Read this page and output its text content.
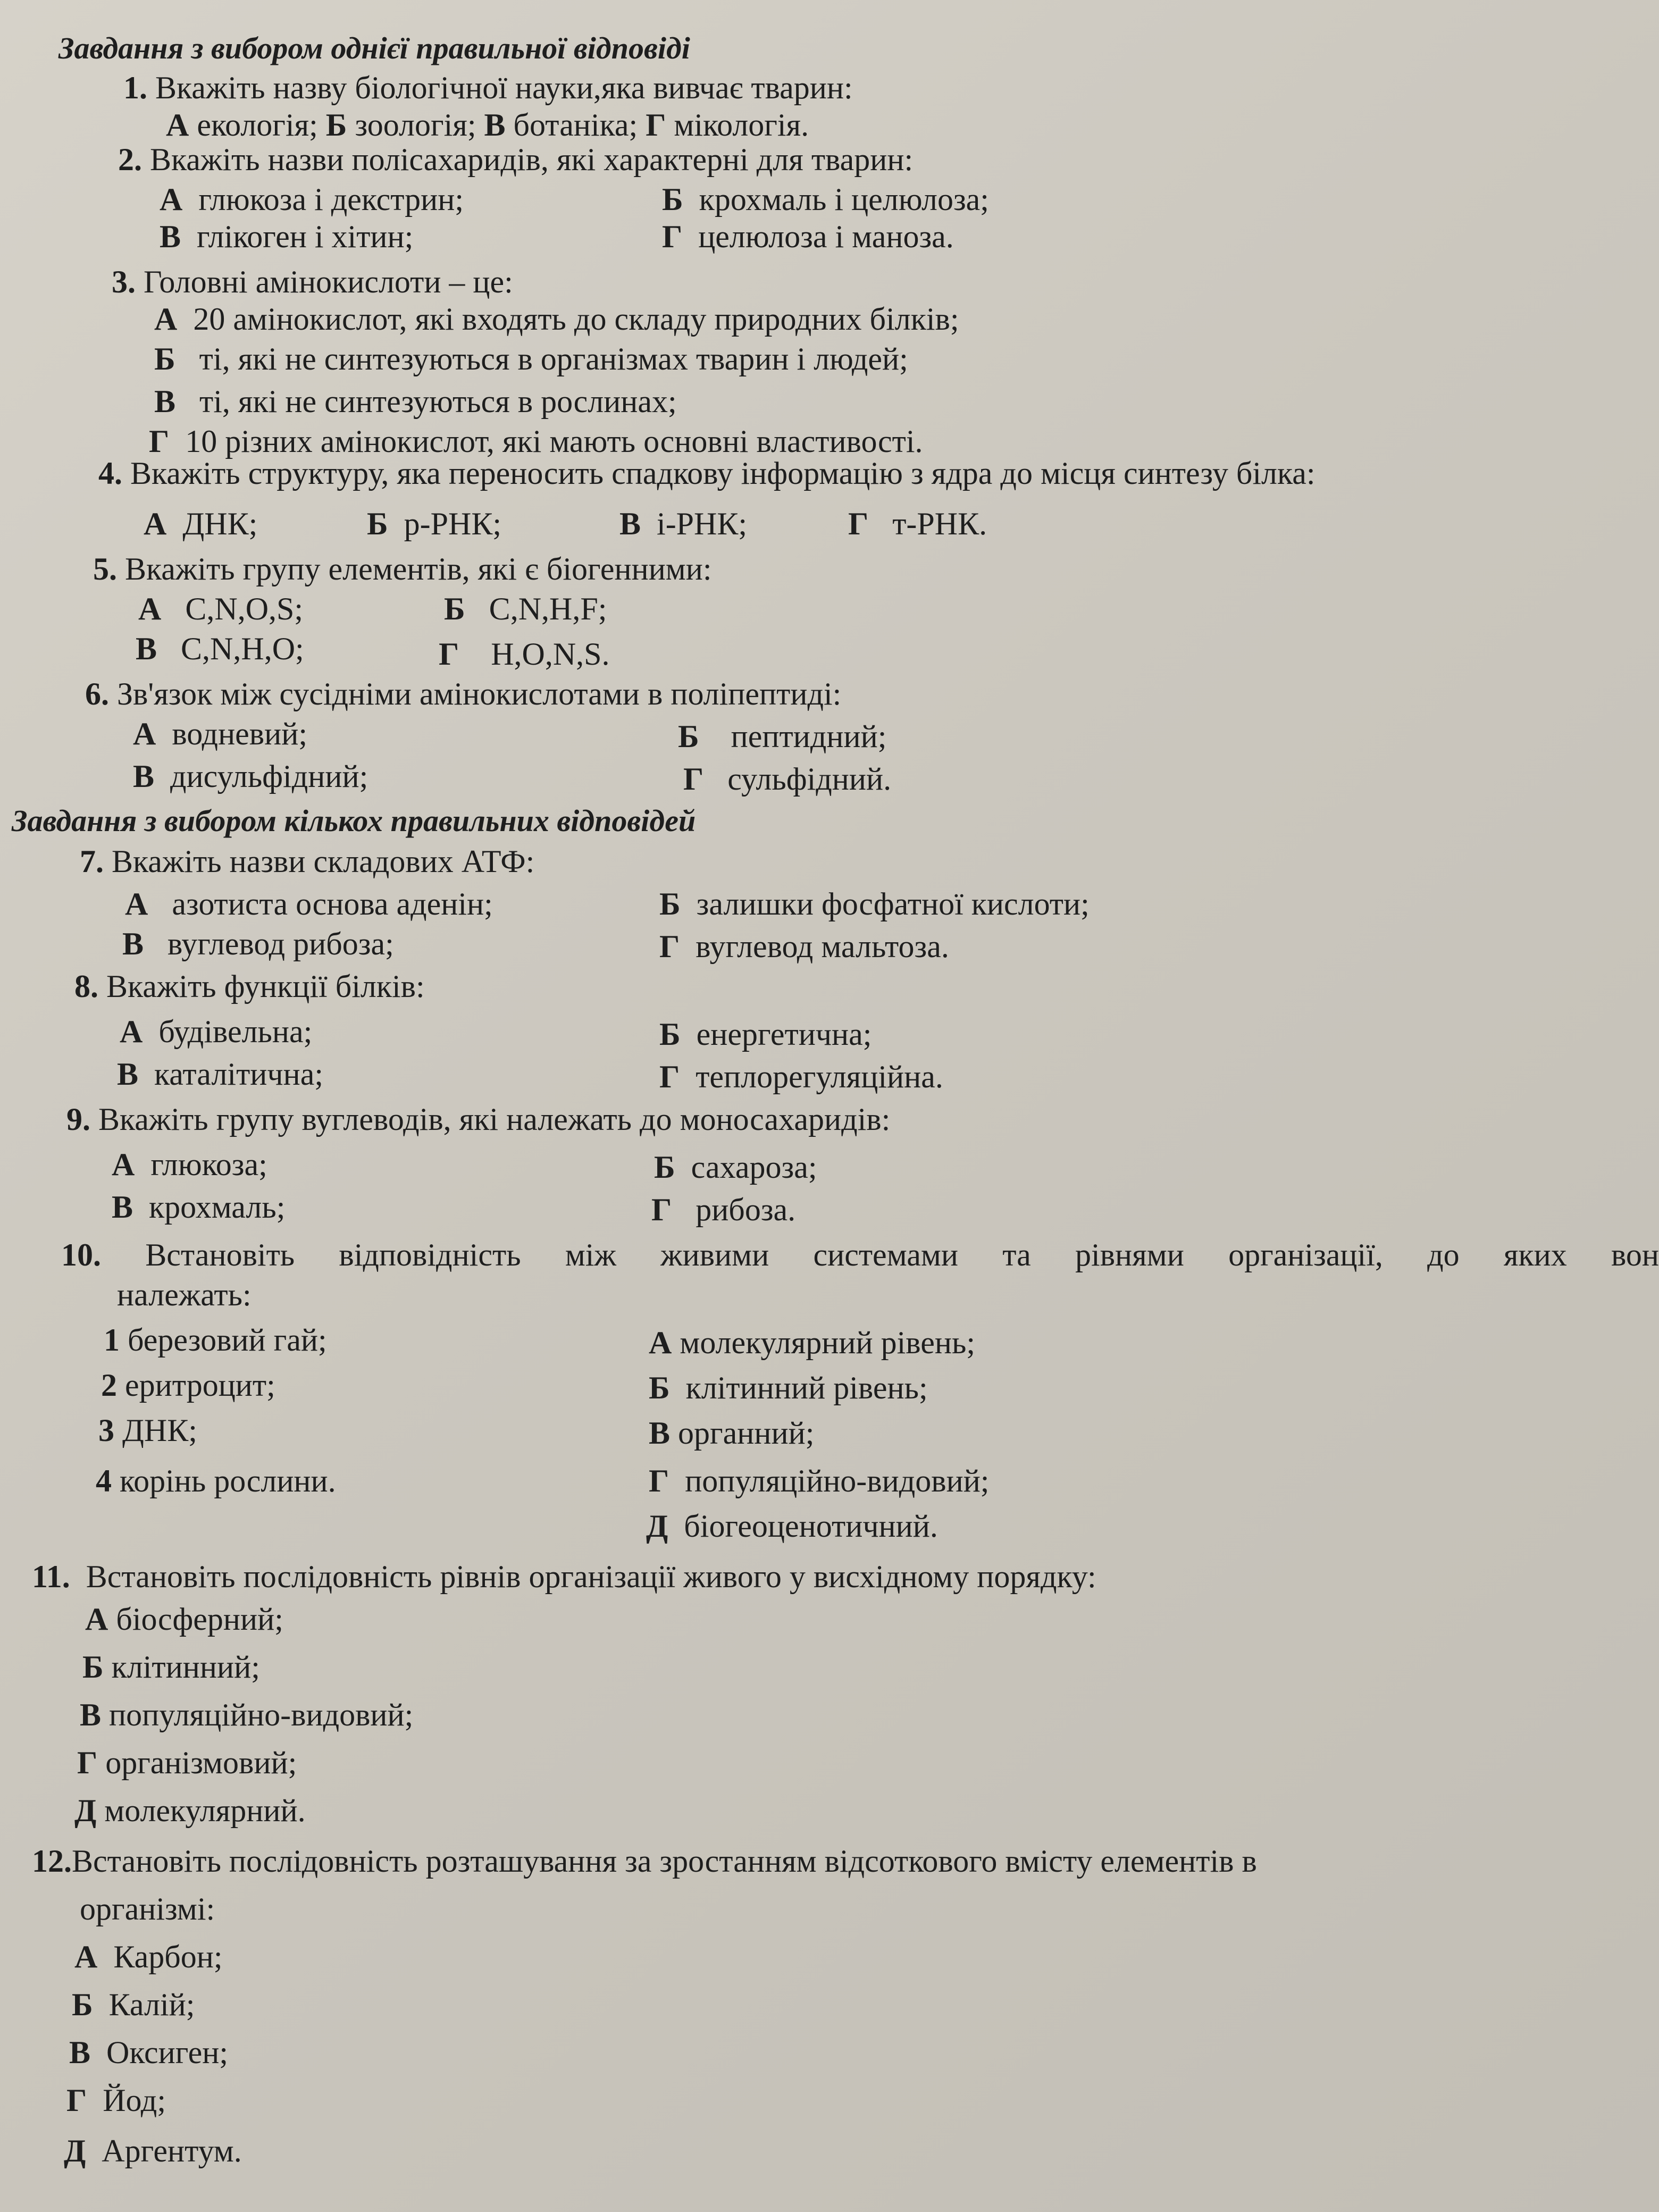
Завдання з вибором однієї правильної відповіді
1. Вкажіть назву біологічної науки,яка вивчає тварин:
А екологія; Б зоологія; В ботаніка; Г мікологія.
2. Вкажіть назви полісахаридів, які характерні для тварин:
А глюкоза і декстрин;	Б крохмаль і целюлоза;
В глікоген і хітин;	Г целюлоза і маноза.
3. Головні амінокислоти – це:
А 20 амінокислот, які входять до складу природних білків;
Б ті, які не синтезуються в організмах тварин і людей;
В ті, які не синтезуються в рослинах;
Г 10 різних амінокислот, які мають основні властивості.
4. Вкажіть структуру, яка переносить спадкову інформацію з ядра до місця синтезу білка:
А ДНК;	Б р-РНК;	В і-РНК;	Г т-РНК.
5. Вкажіть групу елементів, які є біогенними:
А C,N,O,S;	Б C,N,H,F;
В C,N,H,O;	Г H,O,N,S.
6. Зв'язок між сусідніми амінокислотами в поліпептиді:
А водневий;	Б пептидний;
В дисульфідний;	Г сульфідний.
Завдання з вибором кількох правильних відповідей
7. Вкажіть назви складових АТФ:
А азотиста основа аденін;	Б залишки фосфатної кислоти;
В вуглевод рибоза;	Г вуглевод мальтоза.
8. Вкажіть функції білків:
А будівельна;	Б енергетична;
В каталітична;	Г теплорегуляційна.
9. Вкажіть групу вуглеводів, які належать до моносахаридів:
А глюкоза;	Б сахароза;
В крохмаль;	Г рибоза.
10. Встановіть відповідність між живими системами та рівнями організації, до яких вон
належать:
1 березовий гай;
2 еритроцит;
3 ДНК;
4 корінь рослини.
А молекулярний рівень;
Б клітинний рівень;
В органний;
Г популяційно-видовий;
Д біогеоценотичний.
11. Встановіть послідовність рівнів організації живого у висхідному порядку:
А біосферний;
Б клітинний;
В популяційно-видовий;
Г організмовий;
Д молекулярний.
12.Встановіть послідовність розташування за зростанням відсоткового вмісту елементів в
організмі:
А Карбон;
Б Калій;
В Оксиген;
Г Йод;
Д Аргентум.
